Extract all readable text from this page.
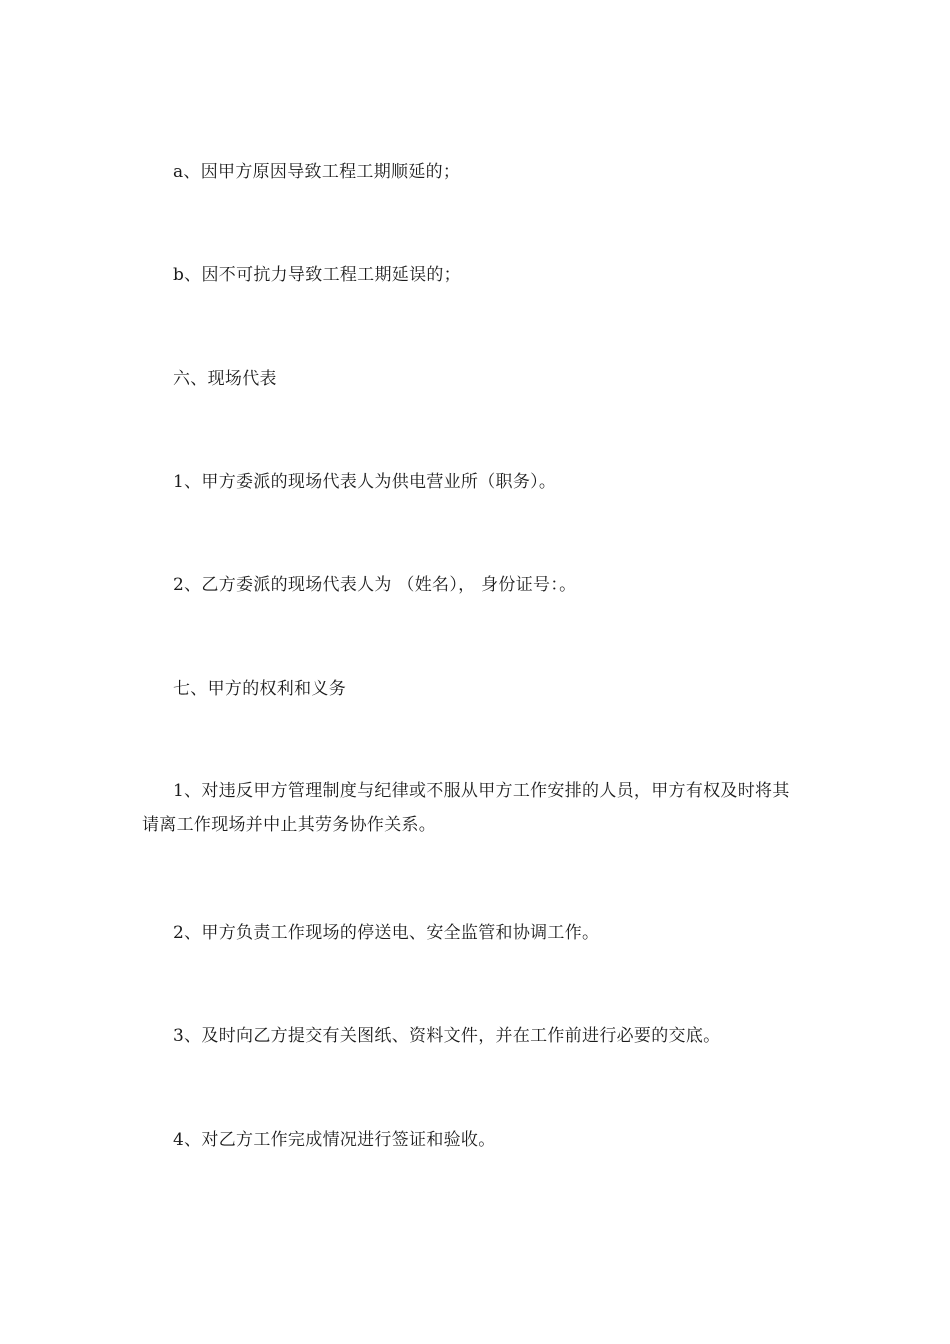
a、因甲方原因导致工程工期顺延的；

b、因不可抗力导致工程工期延误的；

六、现场代表

1、甲方委派的现场代表人为供电营业所（职务）。

2、乙方委派的现场代表人为 （姓名）， 身份证号：。

七、甲方的权利和义务

1、对违反甲方管理制度与纪律或不服从甲方工作安排的人员，甲方有权及时将其请离工作现场并中止其劳务协作关系。

2、甲方负责工作现场的停送电、安全监管和协调工作。

3、及时向乙方提交有关图纸、资料文件，并在工作前进行必要的交底。

4、对乙方工作完成情况进行签证和验收。
